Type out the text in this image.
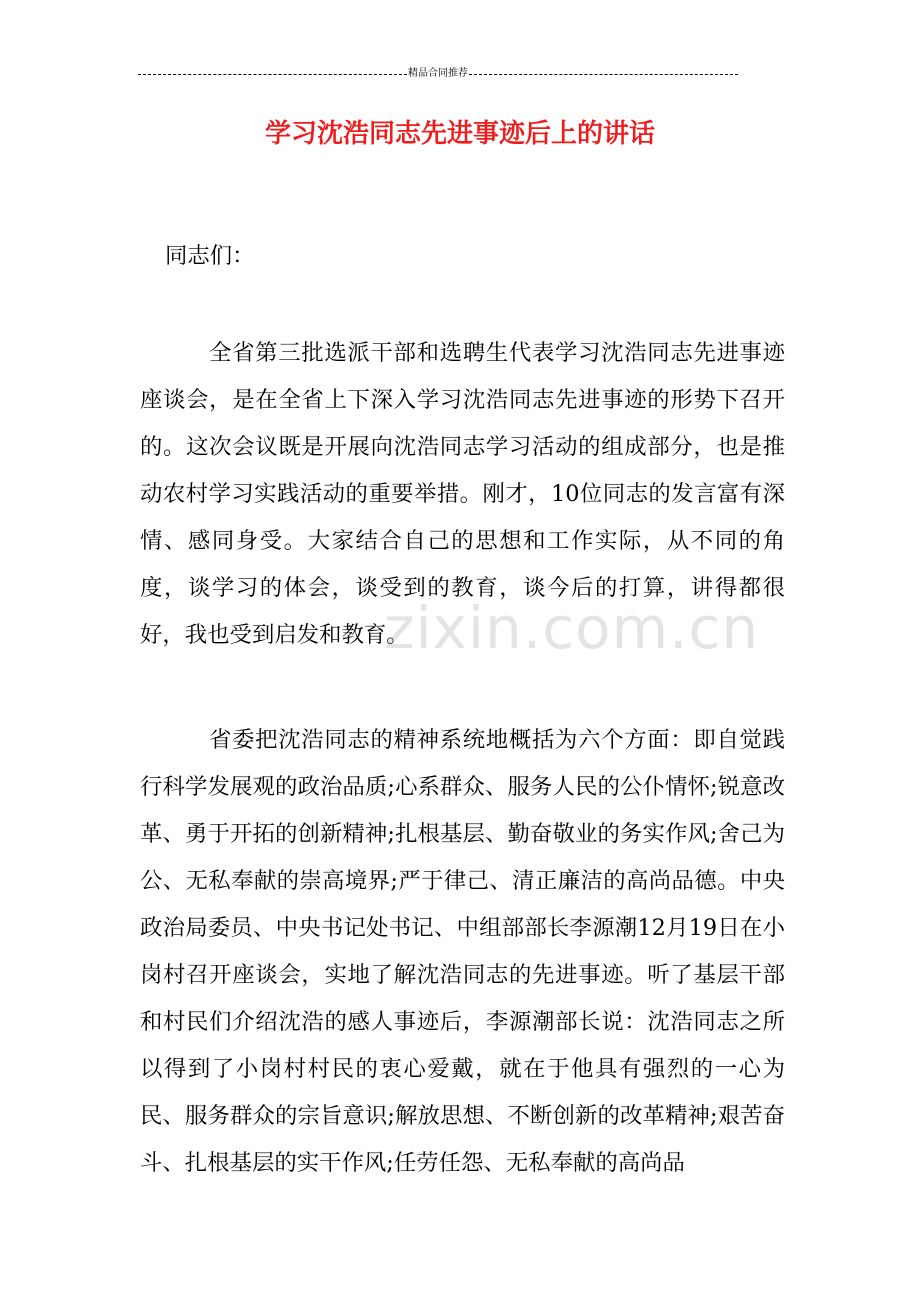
精品合同推荐
学习沈浩同志先进事迹后上的讲话
同志们：
全省第三批选派干部和选聘生代表学习沈浩同志先进事迹座谈会，是在全省上下深入学习沈浩同志先进事迹的形势下召开的。这次会议既是开展向沈浩同志学习活动的组成部分，也是推动农村学习实践活动的重要举措。刚才，10位同志的发言富有深情、感同身受。大家结合自己的思想和工作实际，从不同的角度，谈学习的体会，谈受到的教育，谈今后的打算，讲得都很好，我也受到启发和教育。
省委把沈浩同志的精神系统地概括为六个方面：即自觉践行科学发展观的政治品质;心系群众、服务人民的公仆情怀;锐意改革、勇于开拓的创新精神;扎根基层、勤奋敬业的务实作风;舍己为公、无私奉献的崇高境界;严于律己、清正廉洁的高尚品德。中央政治局委员、中央书记处书记、中组部部长李源潮12月19日在小岗村召开座谈会，实地了解沈浩同志的先进事迹。听了基层干部和村民们介绍沈浩的感人事迹后，李源潮部长说：沈浩同志之所以得到了小岗村村民的衷心爱戴，就在于他具有强烈的一心为民、服务群众的宗旨意识;解放思想、不断创新的改革精神;艰苦奋斗、扎根基层的实干作风;任劳任怨、无私奉献的高尚品
zixin.com.cn
